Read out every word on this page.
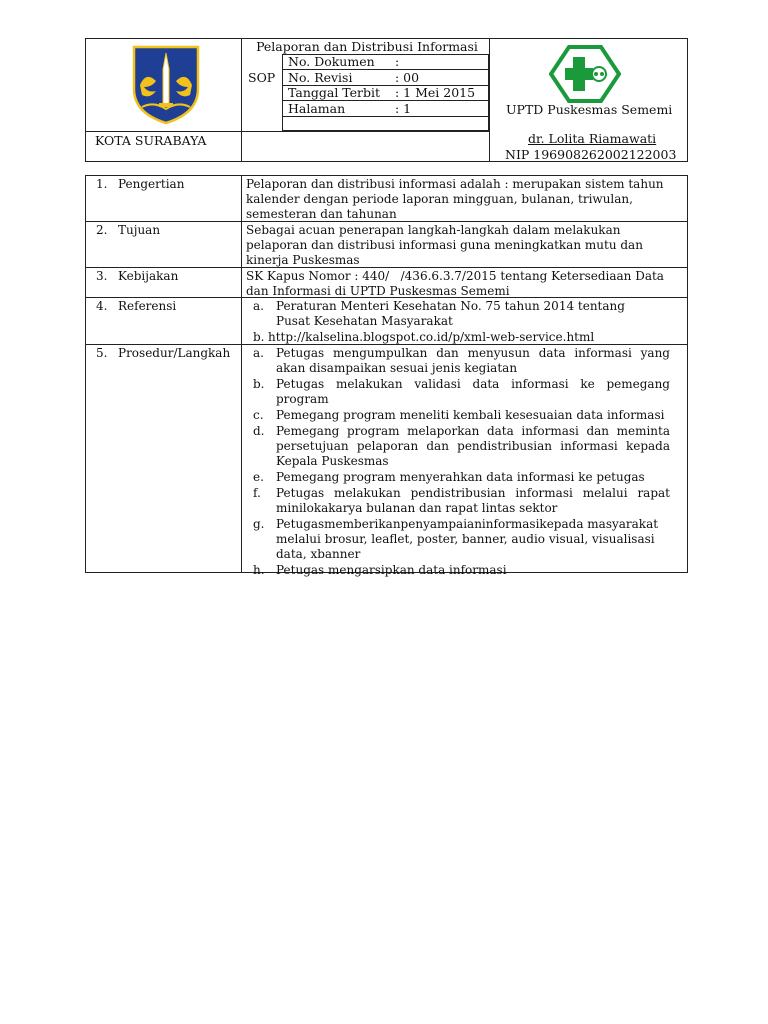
KOTA SURABAYA
SOP
Pelaporan dan Distribusi Informasi
No. Dokumen :
No. Revisi	: 00
Tanggal Terbit : 1 Mei 2015
Halaman	: 1	UPTD Puskesmas Sememi
dr. Lolita Riamawati
NIP 196908262002122003
1. Pengertian	Pelaporan dan distribusi informasi adalah : merupakan sistem tahun kalender dengan periode laporan mingguan, bulanan, triwulan, semesteran dan tahunan
2. Tujuan	Sebagai acuan penerapan langkah-langkah dalam melakukan pelaporan dan distribusi informasi guna meningkatkan mutu dan kinerja Puskesmas
3. Kebijakan	SK Kapus Nomor : 440/   /436.6.3.7/2015 tentang Ketersediaan Data dan Informasi di UPTD Puskesmas Sememi
4. Referensi	a. Peraturan Menteri Kesehatan No. 75 tahun 2014 tentang Pusat Kesehatan Masyarakat
b. http://kalselina.blogspot.co.id/p/xml-web-service.html
5. Prosedur/Langkah a. Petugas mengumpulkan dan menyusun data informasi yang akan disampaikan sesuai jenis kegiatan
b. Petugas melakukan validasi data informasi ke pemegang program
c. Pemegang program meneliti kembali kesesuaian data informasi
d. Pemegang program melaporkan data informasi dan meminta persetujuan pelaporan dan pendistribusian informasi kepada Kepala Puskesmas
e. Pemegang program menyerahkan data informasi ke petugas
f. Petugas melakukan pendistribusian informasi melalui rapat minilokakarya bulanan dan rapat lintas sektor
g. Petugasmemberikanpenyampaianinformasikepada masyarakat melalui brosur, leaflet, poster, banner, audio visual, visualisasi data, xbanner
h. Petugas mengarsipkan data informasi
